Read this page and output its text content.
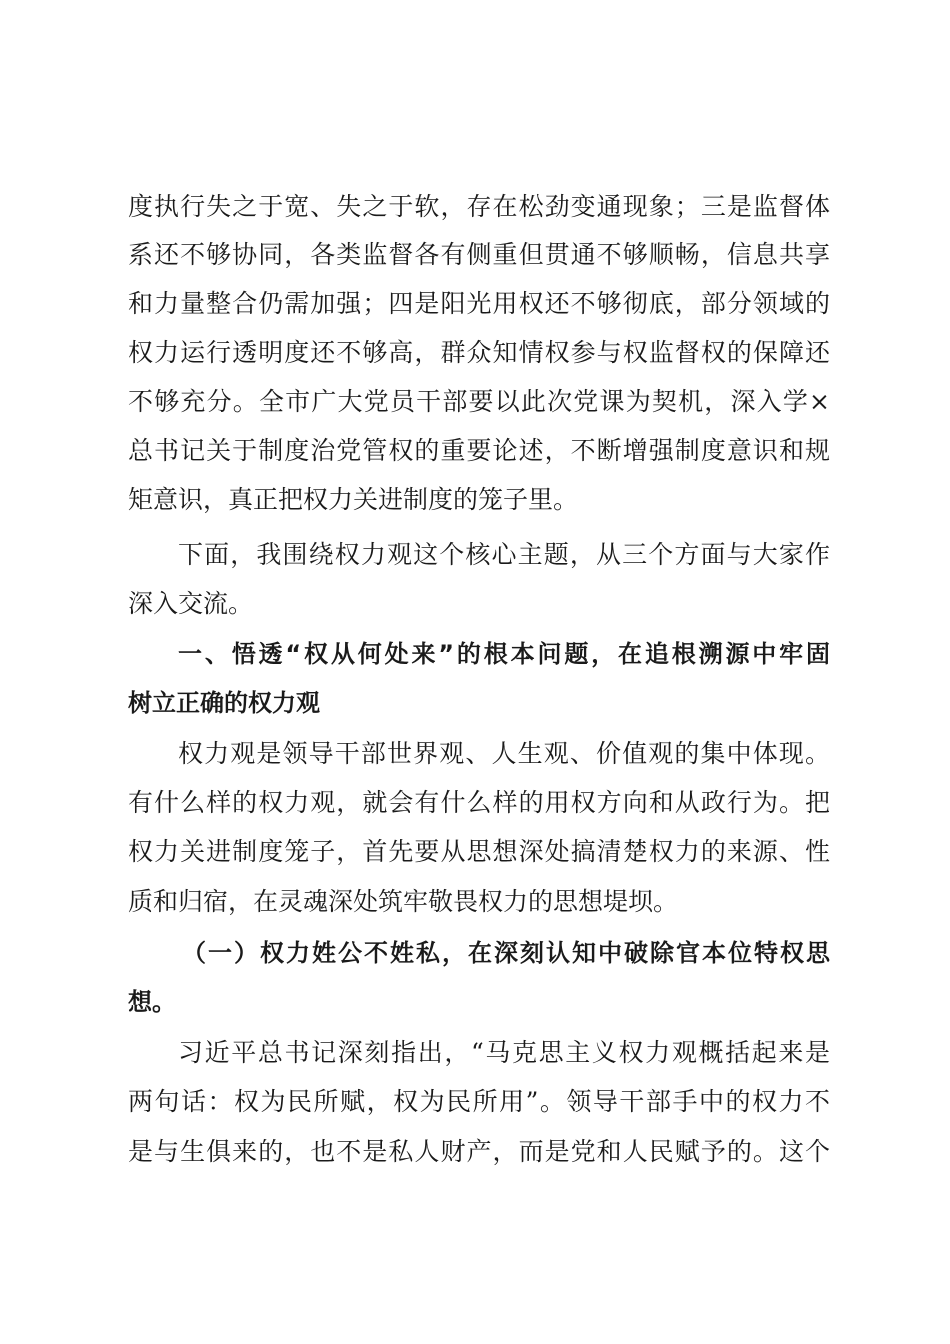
度执行失之于宽、失之于软，存在松劲变通现象；三是监督体
系还不够协同，各类监督各有侧重但贯通不够顺畅，信息共享
和力量整合仍需加强；四是阳光用权还不够彻底，部分领域的
权力运行透明度还不够高，群众知情权参与权监督权的保障还
不够充分。全市广大党员干部要以此次党课为契机，深入学×
总书记关于制度治党管权的重要论述，不断增强制度意识和规
矩意识，真正把权力关进制度的笼子里。
下面，我围绕权力观这个核心主题，从三个方面与大家作
深入交流。
一、悟透“权从何处来”的根本问题，在追根溯源中牢固
树立正确的权力观
权力观是领导干部世界观、人生观、价值观的集中体现。
有什么样的权力观，就会有什么样的用权方向和从政行为。把
权力关进制度笼子，首先要从思想深处搞清楚权力的来源、性
质和归宿，在灵魂深处筑牢敬畏权力的思想堤坝。
（一）权力姓公不姓私，在深刻认知中破除官本位特权思
想。
习近平总书记深刻指出，“马克思主义权力观概括起来是
两句话：权为民所赋，权为民所用”。领导干部手中的权力不
是与生俱来的，也不是私人财产，而是党和人民赋予的。这个
